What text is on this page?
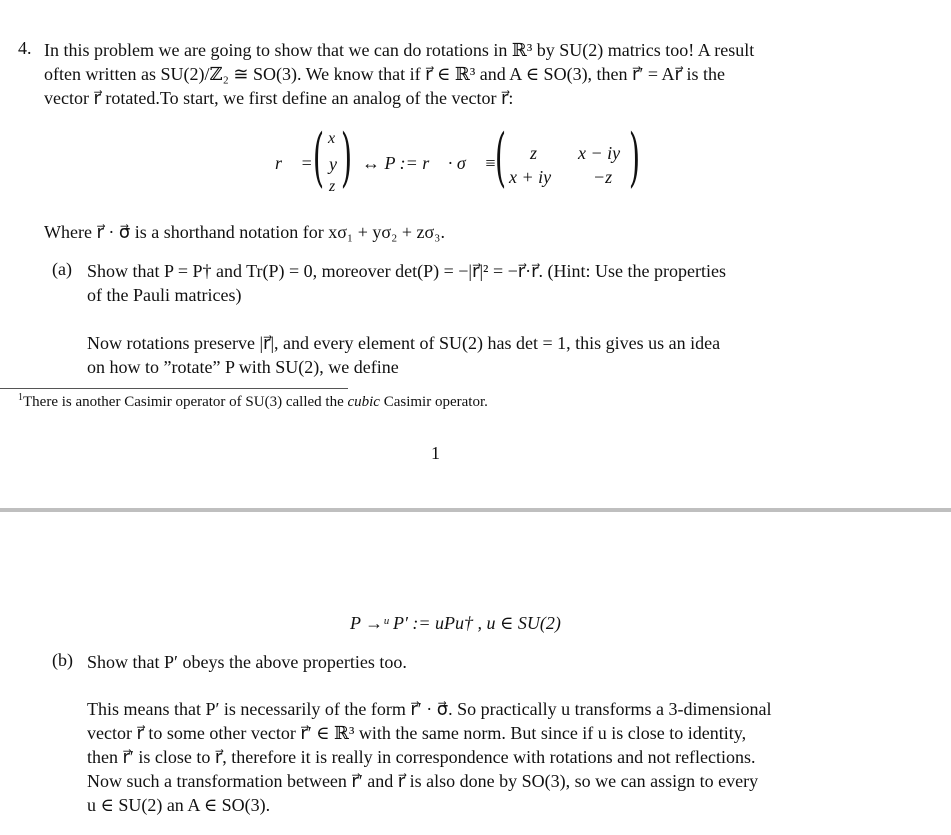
4. In this problem we are going to show that we can do rotations in ℝ³ by SU(2) matrics too! A result
often written as SU(2)/ℤ₂ ≅ SO(3). We know that if r⃗ ∈ ℝ³ and A ∈ SO(3), then r⃗′ = Ar⃗ is the
vector r⃗ rotated.To start, we first define an analog of the vector r⃗:
r⃗ = ( x
y
z ) ↔ P := r⃗ · σ⃗ ≡
( z x − iy
x + iy −z )
Where r⃗ · σ⃗ is a shorthand notation for xσ₁ + yσ₂ + zσ₃.
(a) Show that P = P† and Tr(P) = 0, moreover det(P) = −|r⃗|² = −r⃗·r⃗. (Hint: Use the properties
of the Pauli matrices)
Now rotations preserve |r⃗|, and every element of SU(2) has det = 1, this gives us an idea
on how to ”rotate” P with SU(2), we define
$^1$There is another Casimir operator of SU(3) called the cubic Casimir operator.
1
P →ᵘ P′ := uPu† , u ∈ SU(2)
(b) Show that P′ obeys the above properties too.
This means that P′ is necessarily of the form r⃗′ · σ⃗. So practically u transforms a 3-dimensional
vector r⃗ to some other vector r⃗′ ∈ ℝ³ with the same norm. But since if u is close to identity,
then r⃗′ is close to r⃗, therefore it is really in correspondence with rotations and not reflections.
Now such a transformation between r⃗′ and r⃗ is also done by SO(3), so we can assign to every
u ∈ SU(2) an A ∈ SO(3).
